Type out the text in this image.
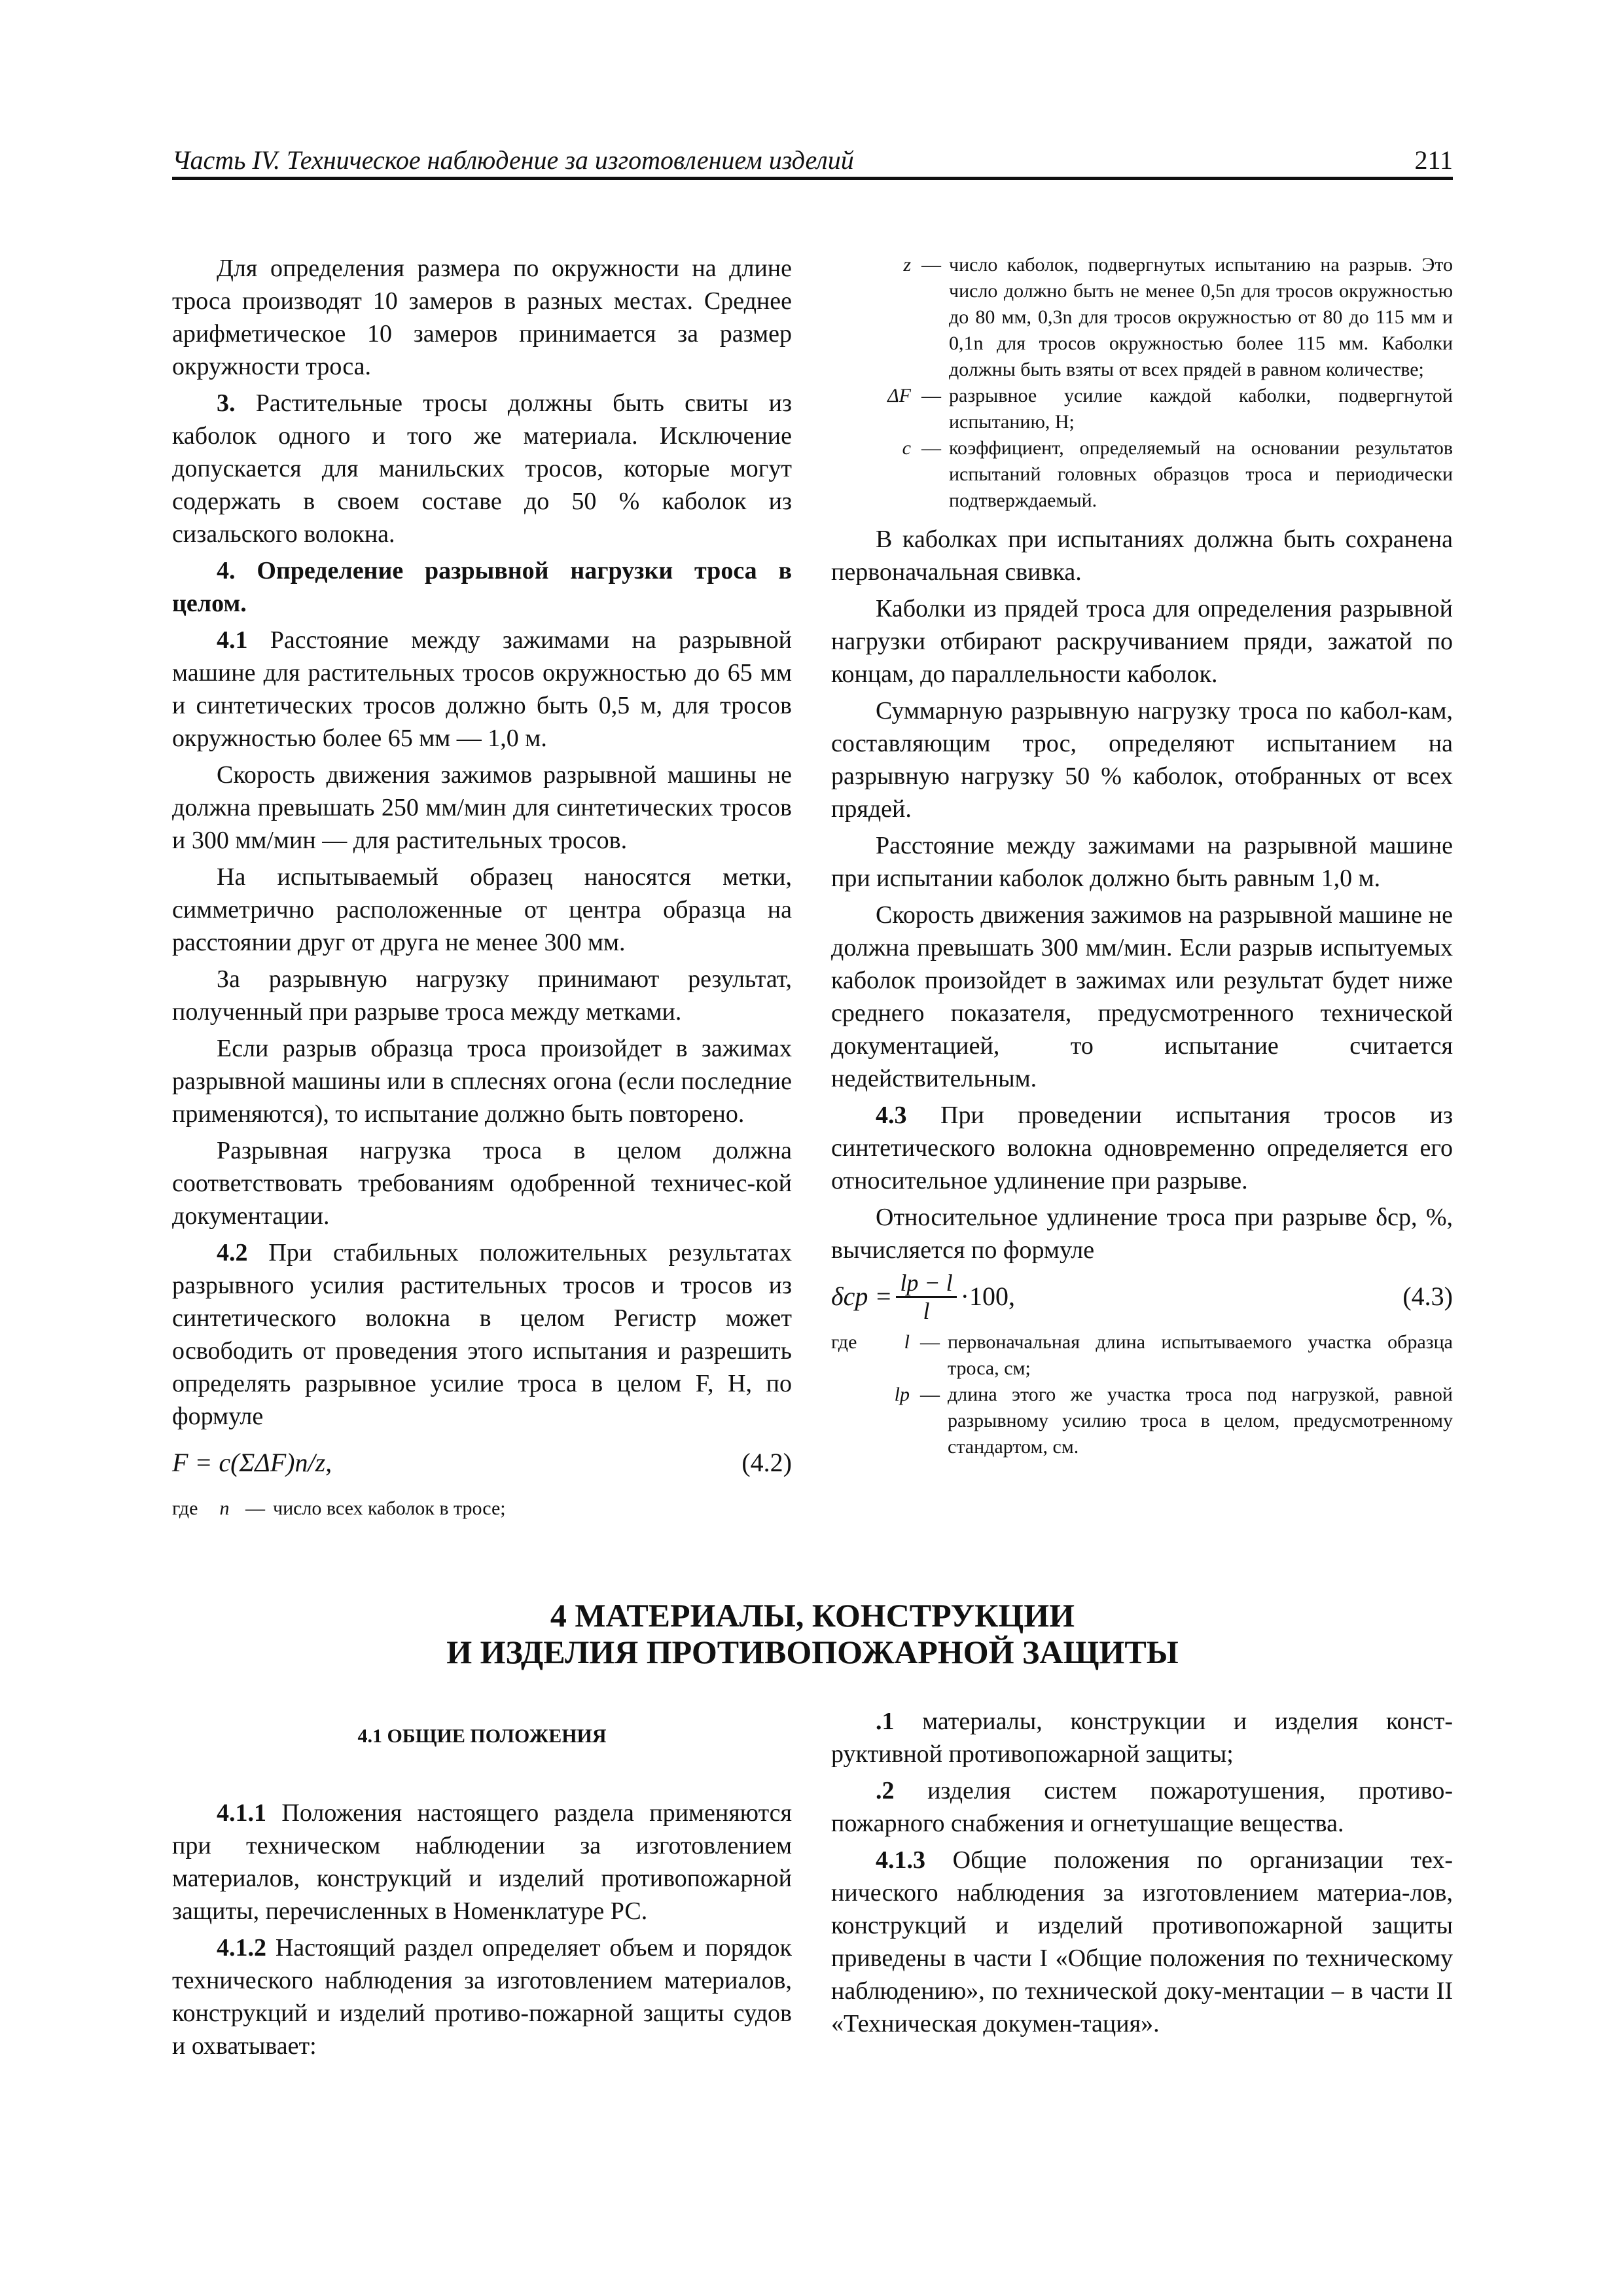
Часть IV. Техническое наблюдение за изготовлением изделий	211

Для определения размера по окружности на длине троса производят 10 замеров в разных местах. Среднее арифметическое 10 замеров принимается за размер окружности троса.

3. Растительные тросы должны быть свиты из каболок одного и того же материала. Исключение допускается для манильских тросов, которые могут содержать в своем составе до 50 % каболок из сизальского волокна.

4. Определение разрывной нагрузки троса в целом.

4.1 Расстояние между зажимами на разрывной машине для растительных тросов окружностью до 65 мм и синтетических тросов должно быть 0,5 м, для тросов окружностью более 65 мм — 1,0 м.

Скорость движения зажимов разрывной машины не должна превышать 250 мм/мин для синтетических тросов и 300 мм/мин — для растительных тросов.

На испытываемый образец наносятся метки, симметрично расположенные от центра образца на расстоянии друг от друга не менее 300 мм.

За разрывную нагрузку принимают результат, полученный при разрыве троса между метками.

Если разрыв образца троса произойдет в зажимах разрывной машины или в сплеснях огона (если последние применяются), то испытание должно быть повторено.

Разрывная нагрузка троса в целом должна соответствовать требованиям одобренной техничес-кой документации.

4.2 При стабильных положительных результатах разрывного усилия растительных тросов и тросов из синтетического волокна в целом Регистр может освободить от проведения этого испытания и разрешить определять разрывное усилие троса в целом F, Н, по формуле

F = c(ΣΔF)n/z,	(4.2)
где	n — число всех каболок в тросе;
z — число каболок, подвергнутых испытанию на разрыв. Это число должно быть не менее 0,5n для тросов окружностью до 80 мм, 0,3n для тросов окружностью от 80 до 115 мм и 0,1n для тросов окружностью более 115 мм. Каболки должны быть взяты от всех прядей в равном количестве;
ΔF — разрывное усилие каждой каболки, подвергнутой испытанию, Н;
c — коэффициент, определяемый на основании результатов испытаний головных образцов троса и периодически подтверждаемый.

В каболках при испытаниях должна быть сохранена первоначальная свивка.

Каболки из прядей троса для определения разрывной нагрузки отбирают раскручиванием пряди, зажатой по концам, до параллельности каболок.

Суммарную разрывную нагрузку троса по кабол-кам, составляющим трос, определяют испытанием на разрывную нагрузку 50 % каболок, отобранных от всех прядей.

Расстояние между зажимами на разрывной машине при испытании каболок должно быть равным 1,0 м.

Скорость движения зажимов на разрывной машине не должна превышать 300 мм/мин. Если разрыв испытуемых каболок произойдет в зажимах или результат будет ниже среднего показателя, предусмотренного технической документацией, то испытание считается недействительным.

4.3 При проведении испытания тросов из синтетического волокна одновременно определяется его относительное удлинение при разрыве.

Относительное удлинение троса при разрыве δср, %, вычисляется по формуле

$\delta ср = \frac{lр - l}{l} \cdot 100$,	(4.3)
где	l — первоначальная длина испытываемого участка образца троса, см;
lр — длина этого же участка троса под нагрузкой, равной разрывному усилию троса в целом, предусмотренному стандартом, см.
4 МАТЕРИАЛЫ, КОНСТРУКЦИИ
И ИЗДЕЛИЯ ПРОТИВОПОЖАРНОЙ ЗАЩИТЫ
4.1 ОБЩИЕ ПОЛОЖЕНИЯ

4.1.1 Положения настоящего раздела применяются при техническом наблюдении за изготовлением материалов, конструкций и изделий противопожарной защиты, перечисленных в Номенклатуре РС.

4.1.2 Настоящий раздел определяет объем и порядок технического наблюдения за изготовлением материалов, конструкций и изделий противо-пожарной защиты судов и охватывает:

.1 материалы, конструкции и изделия конст-руктивной противопожарной защиты;

.2 изделия систем пожаротушения, противо-пожарного снабжения и огнетушащие вещества.

4.1.3 Общие положения по организации тех-нического наблюдения за изготовлением материа-лов, конструкций и изделий противопожарной защиты приведены в части I «Общие положения по техническому наблюдению», по технической доку-ментации – в части II «Техническая докумен-тация».
